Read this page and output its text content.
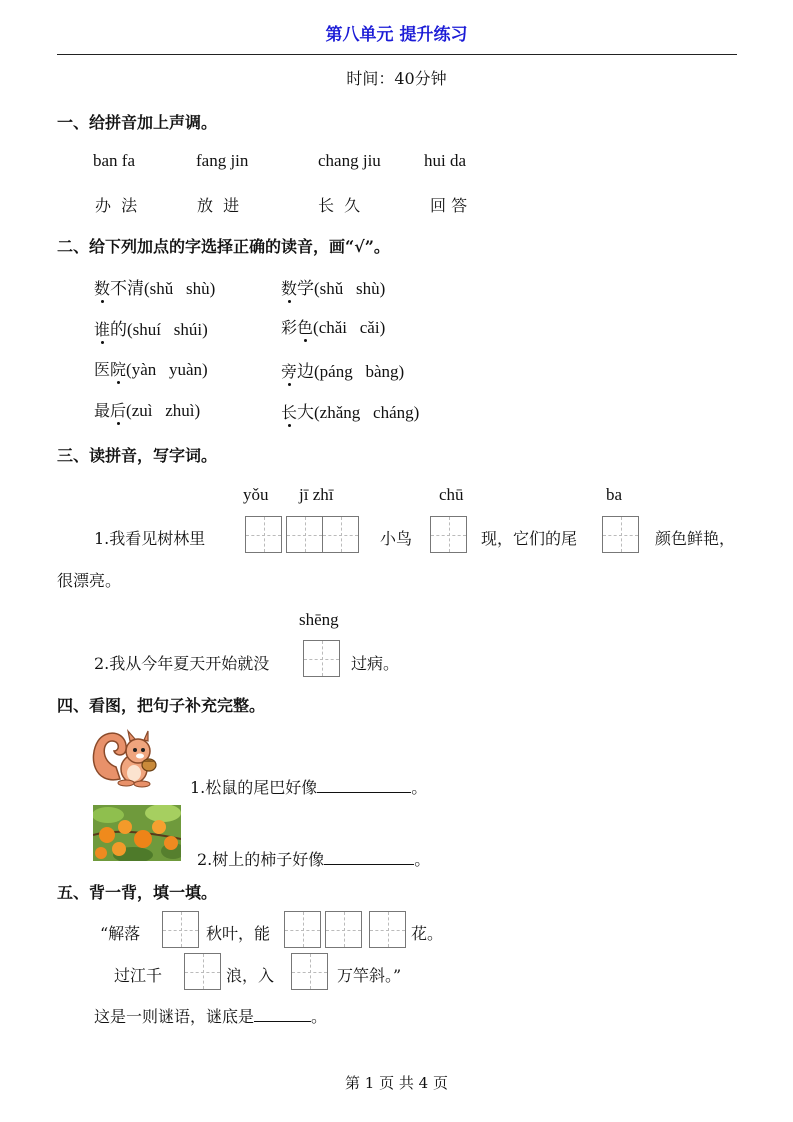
第八单元 提升练习
时间：40分钟
一、给拼音加上声调。
ban fa	fang jin	chang jiu	hui da
办  法	放  进	长  久	回 答
二、给下列加点的字选择正确的读音，画“√”。
数不清(shǔ   shù)	数学(shǔ   shù)
谁的(shuí   shúi)	彩色(chǎi   cǎi)
医院(yàn   yuàn)	旁边(páng   bàng)
最后(zuì   zhuì)	长大(zhǎng   cháng)
三、读拼音，写字词。
yǒu jī zhī	chū	ba
1.我看见树林里	小鸟	现，它们的尾	颜色鲜艳，
很漂亮。
shēng
2.我从今年夏天开始就没	过病。
四、看图，把句子补充完整。
1.松鼠的尾巴好像	。
2.树上的柿子好像	。
五、背一背，填一填。
“解落	秋叶，能	花。
过江千	浪，入	万竿斜。”
这是一则谜语，谜底是	。
第 1 页 共 4 页
